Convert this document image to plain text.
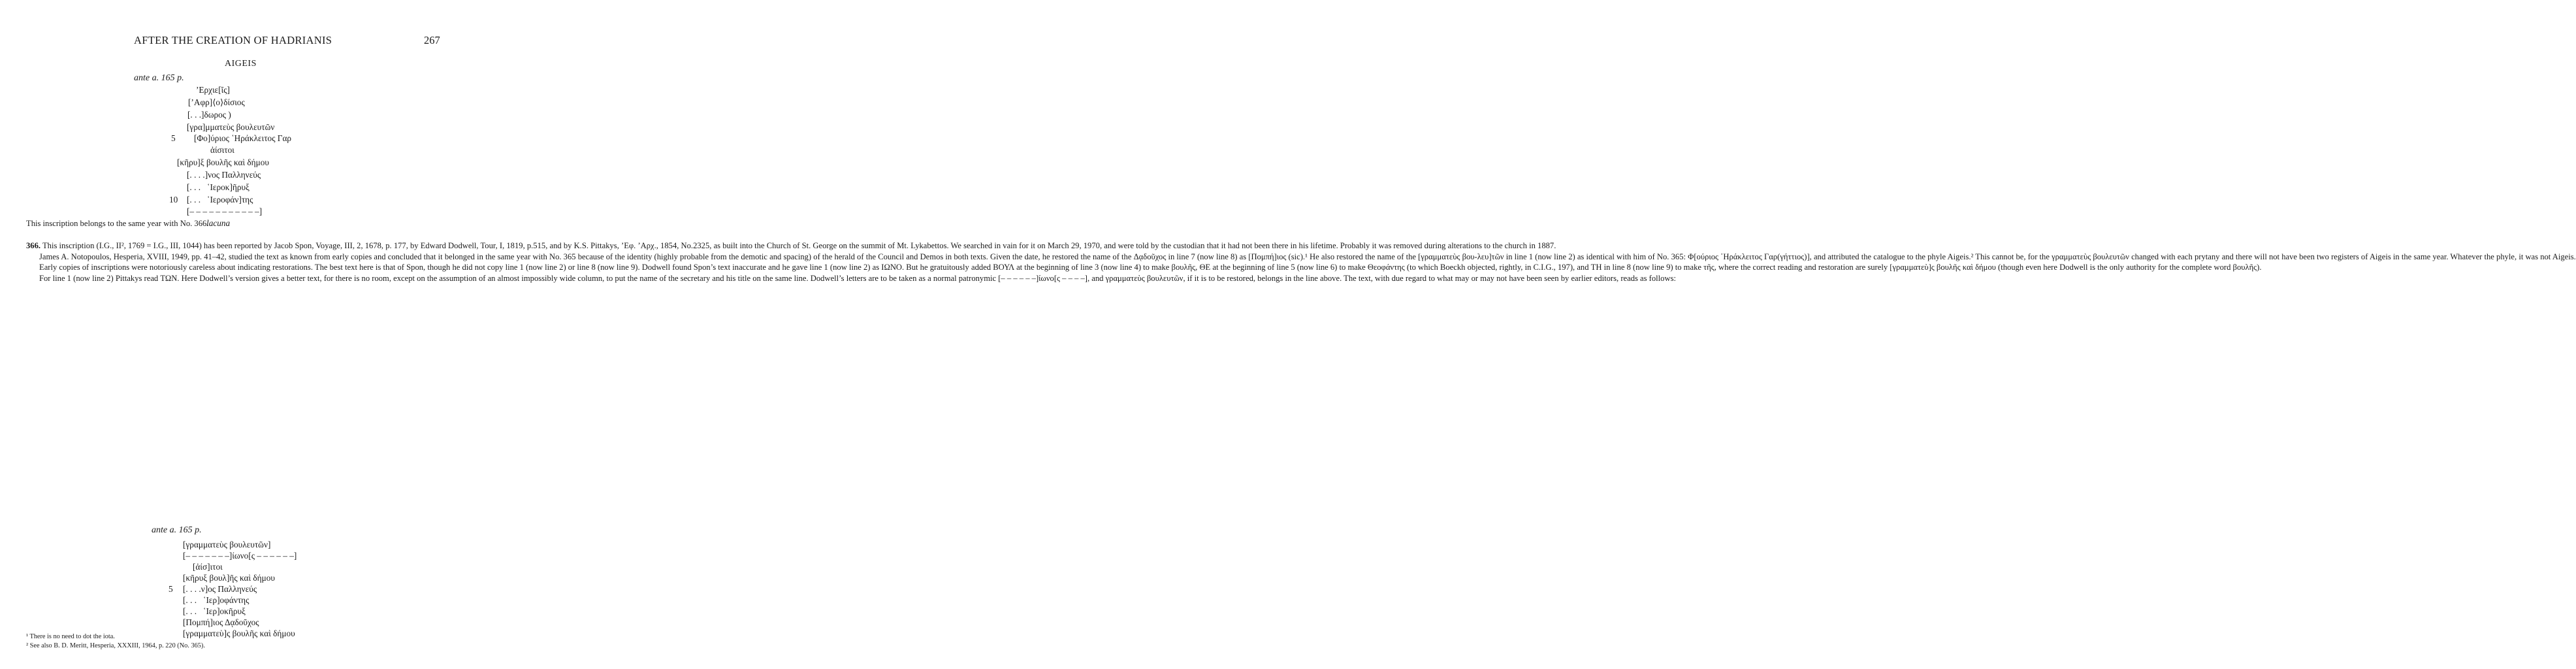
AFTER THE CREATION OF HADRIANIS	267
AIGEIS
ante a. 165 p.
’Ερχιε[ῖς]
[’Αφρ]⟨ο⟩δίσιος
[. . .]δωρος )
[γρα]μματεὺς βουλευτῶν
5 [Φο]ύριος ῾Ηράκλειτος Γαρ
ἀίσιτοι
[κῆρυ]ξ βουλῆς καὶ δήμου
[. . . .]νος Παλληνεύς
[. . .   ῾Ιεροκ]ῆρυξ
10 [. . .   ῾Ιεροφάν]της
[– – – – – – – – – – –]
lacuna

This inscription belongs to the same year with No. 366.

366. This inscription (I.G., II², 1769 = I.G., III, 1044) has been reported by Jacob Spon, Voyage, III, 2, 1678, p. 177, by Edward Dodwell, Tour, I, 1819, p.515, and by K.S. Pittakys, ’Εφ. ’Αρχ., 1854, No.2325, as built into the Church of St. George on the summit of Mt. Lykabettos. We searched in vain for it on March 29, 1970, and were told by the custodian that it had not been there in his lifetime. Probably it was removed during alterations to the church in 1887.

James A. Notopoulos, Hesperia, XVIII, 1949, pp. 41–42, studied the text as known from early copies and concluded that it belonged in the same year with No. 365 because of the identity (highly probable from the demotic and spacing) of the herald of the Council and Demos in both texts. Given the date, he restored the name of the Δᾳδοῦχος in line 7 (now line 8) as [Πομπή]ιος (sic).¹ He also restored the name of the [γραμματεὺς βου-λευ]τῶν in line 1 (now line 2) as identical with him of No. 365: Φ[ούριος ῾Ηράκλειτος Γαρ(γήττιος)], and attributed the catalogue to the phyle Aigeis.² This cannot be, for the γραμματεὺς βουλευτῶν changed with each prytany and there will not have been two registers of Aigeis in the same year. Whatever the phyle, it was not Aigeis.

Early copies of inscriptions were notoriously careless about indicating restorations. The best text here is that of Spon, though he did not copy line 1 (now line 2) or line 8 (now line 9). Dodwell found Spon’s text inaccurate and he gave line 1 (now line 2) as ΙΩΝΟ. But he gratuitously added ΒΟΥΛ at the beginning of line 3 (now line 4) to make βουλῆς, ΘΕ at the beginning of line 5 (now line 6) to make Θεοφάντης (to which Boeckh objected, rightly, in C.I.G., 197), and ΤΗ in line 8 (now line 9) to make τῆς, where the correct reading and restoration are surely [γραμματεὺ]ς βουλῆς καὶ δήμου (though even here Dodwell is the only authority for the complete word βουλῆς).

For line 1 (now line 2) Pittakys read ΤΩΝ. Here Dodwell’s version gives a better text, for there is no room, except on the assumption of an almost impossibly wide column, to put the name of the secretary and his title on the same line. Dodwell’s letters are to be taken as a normal patronymic [– – – – – –]ίωνο[ς – – – –], and γραμματεὺς βουλευτῶν, if it is to be restored, belongs in the line above. The text, with due regard to what may or may not have been seen by earlier editors, reads as follows:

ante a. 165 p.
[γραμματεὺς βουλευτῶν]
[– – – – – – –]ίωνο[ς – – – – – –]
[ἀίσ]ιτοι
[κῆρυξ βουλ]ῆς καὶ δήμου
5 [. . . .ν]ος Παλληνεύς
[. . .   ῾Ιερ]οφάντης
[. . .   ῾Ιερ]οκῆρυξ
[Πομπή]ιος Δᾳδοῦχος
[γραμματεὺ]ς βουλῆς καὶ δήμου
¹ There is no need to dot the iota.
² See also B. D. Meritt, Hesperia, XXXIII, 1964, p. 220 (No. 365).
